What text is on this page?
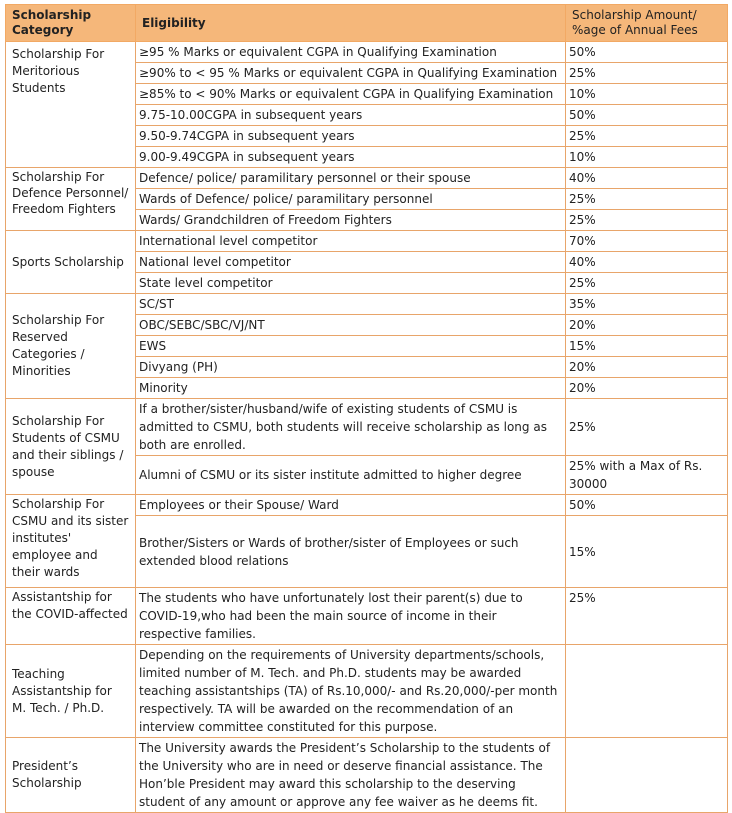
Scholarship Category	Eligibility	Scholarship Amount/ %age of Annual Fees
Scholarship For Meritorious Students	≥95 % Marks or equivalent CGPA in Qualifying Examination	50%
	≥90% to < 95 % Marks or equivalent CGPA in Qualifying Examination	25%
	≥85% to < 90% Marks or equivalent CGPA in Qualifying Examination	10%
	9.75-10.00CGPA in subsequent years	50%
	9.50-9.74CGPA in subsequent years	25%
	9.00-9.49CGPA in subsequent years	10%
Scholarship For Defence Personnel/ Freedom Fighters	Defence/ police/ paramilitary personnel or their spouse	40%
	Wards of Defence/ police/ paramilitary personnel	25%
	Wards/ Grandchildren of Freedom Fighters	25%
Sports Scholarship	International level competitor	70%
	National level competitor	40%
	State level competitor	25%
Scholarship For Reserved Categories / Minorities	SC/ST	35%
	OBC/SEBC/SBC/VJ/NT	20%
	EWS	15%
	Divyang (PH)	20%
	Minority	20%
Scholarship For Students of CSMU and their siblings / spouse	If a brother/sister/husband/wife of existing students of CSMU is admitted to CSMU, both students will receive scholarship as long as both are enrolled.	25%
	Alumni of CSMU or its sister institute admitted to higher degree	25% with a Max of Rs. 30000
Scholarship For CSMU and its sister institutes' employee and their wards	Employees or their Spouse/ Ward	50%
	Brother/Sisters or Wards of brother/sister of Employees or such extended blood relations	15%
Assistantship for the COVID-affected	The students who have unfortunately lost their parent(s) due to COVID-19,who had been the main source of income in their respective families.	25%
Teaching Assistantship for M. Tech. / Ph.D.	Depending on the requirements of University departments/schools, limited number of M. Tech. and Ph.D. students may be awarded teaching assistantships (TA) of Rs.10,000/- and Rs.20,000/-per month respectively. TA will be awarded on the recommendation of an interview committee constituted for this purpose.	
President’s Scholarship	The University awards the President’s Scholarship to the students of the University who are in need or deserve financial assistance. The Hon’ble President may award this scholarship to the deserving student of any amount or approve any fee waiver as he deems fit.	
